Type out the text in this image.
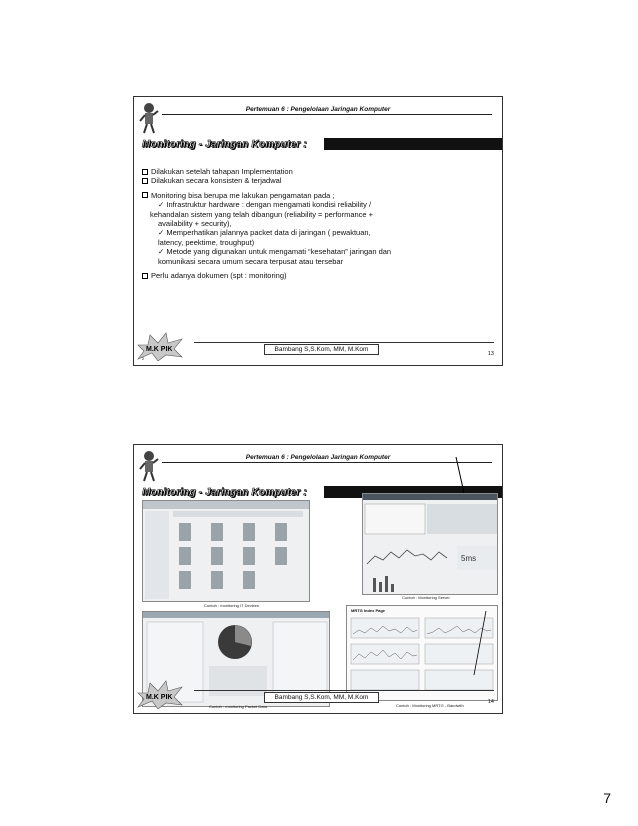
Pertemuan 6 : Pengelolaan Jaringan Komputer
Monitoring - Jaringan Komputer :
Dilakukan setelah tahapan Implementation
Dilakukan secara konsisten & terjadwal
Monitoring bisa berupa me lakukan pengamatan pada ;
✓ Infrastruktur hardware : dengan mengamati kondisi reliability /
kehandalan sistem yang telah dibangun (reliability = performance +
availability + security),
✓ Memperhatikan jalannya packet data di jaringan ( pewaktuan,
latency, peektime, troughput)
✓ Metode yang digunakan untuk mengamati “kesehatan” jaringan dan
komunikasi secara umum secara terpusat atau tersebar
Perlu adanya dokumen (spt : monitoring)
M.K PIK
2
Bambang S,S.Kom, MM, M.Kom
13
Pertemuan 6 : Pengelolaan Jaringan Komputer
Monitoring - Jaringan Komputer :
Contoh : monitoring IT Devices
Contoh : monitoring Packet Data
5ms
Contoh : Monitoring Server
MRTG Index Page
Contoh : Monitoring MRTG - Bandwith
M.K PIK	Bambang S,S.Kom, MM, M.Kom
14
7
